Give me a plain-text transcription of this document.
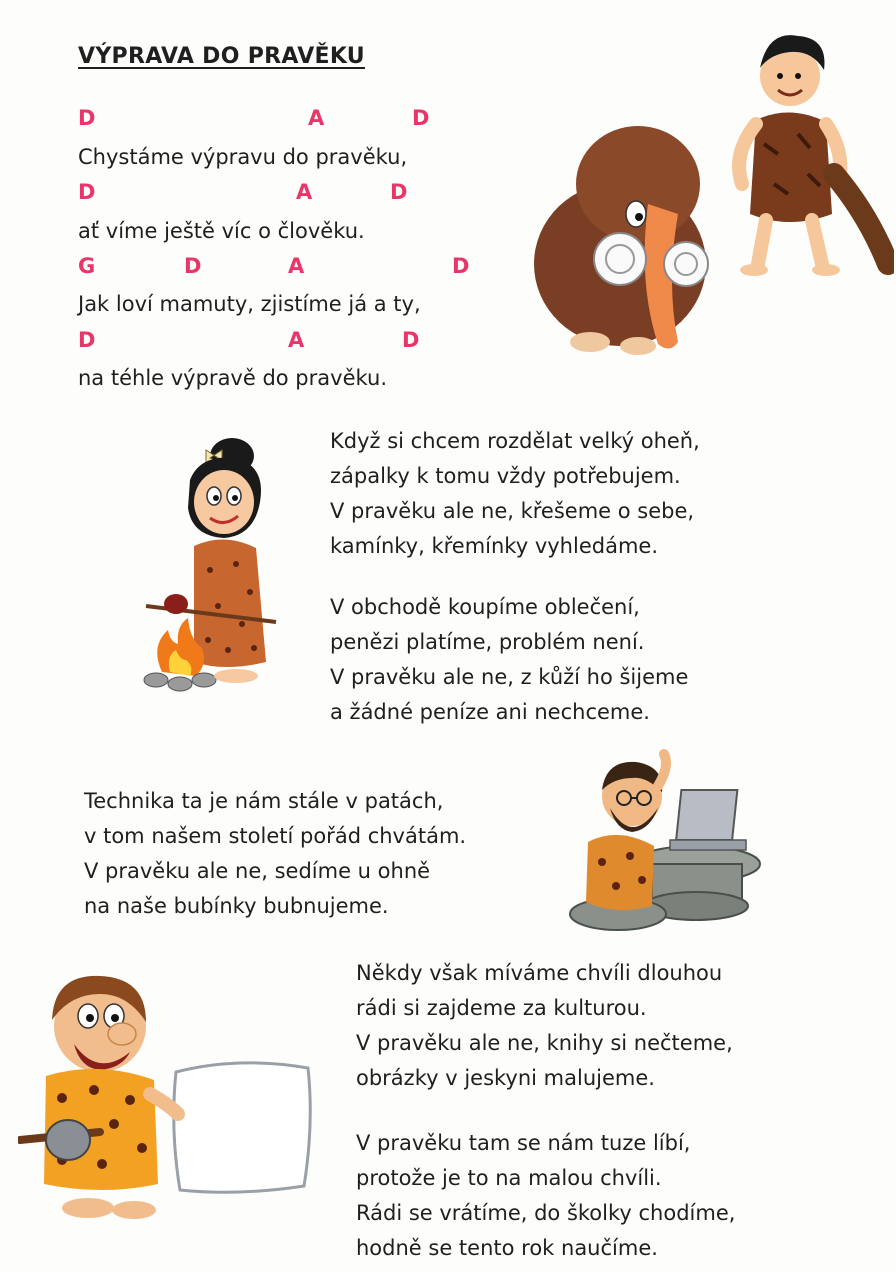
VÝPRAVA DO PRAVĚKU
D	A	D
Chystáme výpravu do pravěku,
D	A	D
ať víme ještě víc o člověku.
G	D	A	D
Jak loví mamuty, zjistíme já a ty,
D	A	D
na téhle výpravě do pravěku.
Když si chcem rozdělat velký oheň,
zápalky k tomu vždy potřebujem.
V pravěku ale ne, křešeme o sebe,
kamínky, křemínky vyhledáme.
V obchodě koupíme oblečení,
penězi platíme, problém není.
V pravěku ale ne, z kůží ho šijeme
a žádné peníze ani nechceme.
Technika ta je nám stále v patách,
v tom našem století pořád chvátám.
V pravěku ale ne, sedíme u ohně
na naše bubínky bubnujeme.
Někdy však míváme chvíli dlouhou
rádi si zajdeme za kulturou.
V pravěku ale ne, knihy si nečteme,
obrázky v jeskyni malujeme.
V pravěku tam se nám tuze líbí,
protože je to na malou chvíli.
Rádi se vrátíme, do školky chodíme,
hodně se tento rok naučíme.
